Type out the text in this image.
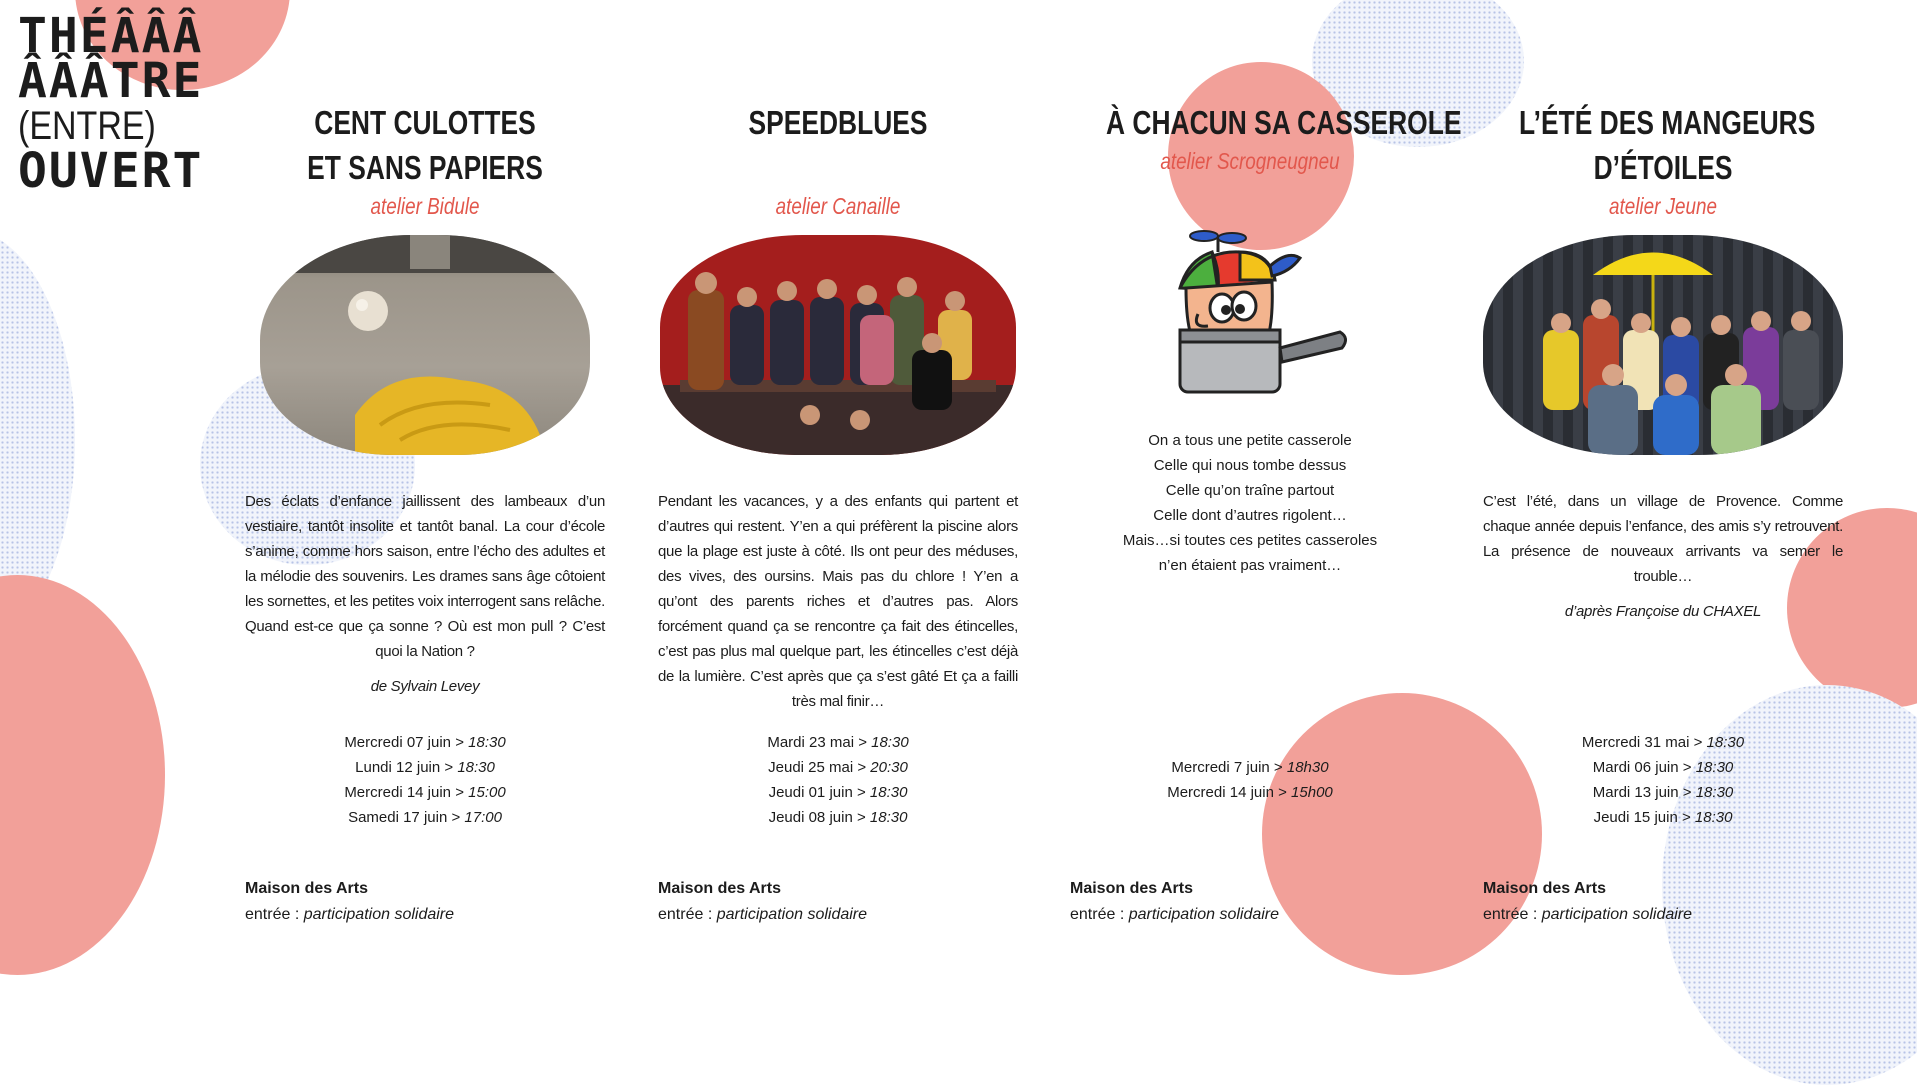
THÉÂÂÂ
ÂÂÂTRE
(ENTRE)
OUVERT
CENT CULOTTES
ET SANS PAPIERS
atelier Bidule

Des éclats d’enfance jaillissent des lambeaux d’un vestiaire, tantôt insolite et tantôt banal. La cour d’école s’anime, comme hors saison, entre l’écho des adultes et la mélodie des souvenirs. Les drames sans âge côtoient les sornettes, et les petites voix interrogent sans relâche. Quand est-ce que ça sonne ? Où est mon pull ? C’est quoi la Nation ?

de Sylvain Levey

Mercredi 07 juin > 18:30
Lundi 12 juin > 18:30
Mercredi 14 juin > 15:00
Samedi 17 juin > 17:00
Maison des Arts
entrée : participation solidaire
SPEEDBLUES
atelier Canaille

Pendant les vacances, y a des enfants qui partent et d’autres qui restent. Y’en a qui préfèrent la piscine alors que la plage est juste à côté. Ils ont peur des méduses, des vives, des oursins. Mais pas du chlore ! Y’en a qu’ont des parents riches et d’autres pas. Alors forcément quand ça se rencontre ça fait des étincelles, c’est pas plus mal quelque part, les étincelles c’est déjà de la lumière. C’est après que ça s’est gâté Et ça a failli très mal finir…

Mardi 23 mai > 18:30
Jeudi 25 mai > 20:30
Jeudi 01 juin > 18:30
Jeudi 08 juin > 18:30
Maison des Arts
entrée : participation solidaire
À CHACUN SA CASSEROLE
atelier Scrogneugneu
On a tous une petite casserole
Celle qui nous tombe dessus
Celle qu’on traîne partout
Celle dont d’autres rigolent…
Mais…si toutes ces petites casseroles
n’en étaient pas vraiment…
Mercredi 7 juin > 18h30
Mercredi 14 juin > 15h00
Maison des Arts
entrée : participation solidaire
L’ÉTÉ DES MANGEURS
D’ÉTOILES
atelier Jeune

C’est l’été, dans un village de Provence. Comme chaque année depuis l’enfance, des amis s’y retrouvent. La présence de nouveaux arrivants va semer le trouble…

d’après Françoise du CHAXEL

Mercredi 31 mai > 18:30
Mardi 06 juin > 18:30
Mardi 13 juin > 18:30
Jeudi 15 juin > 18:30
Maison des Arts
entrée : participation solidaire
